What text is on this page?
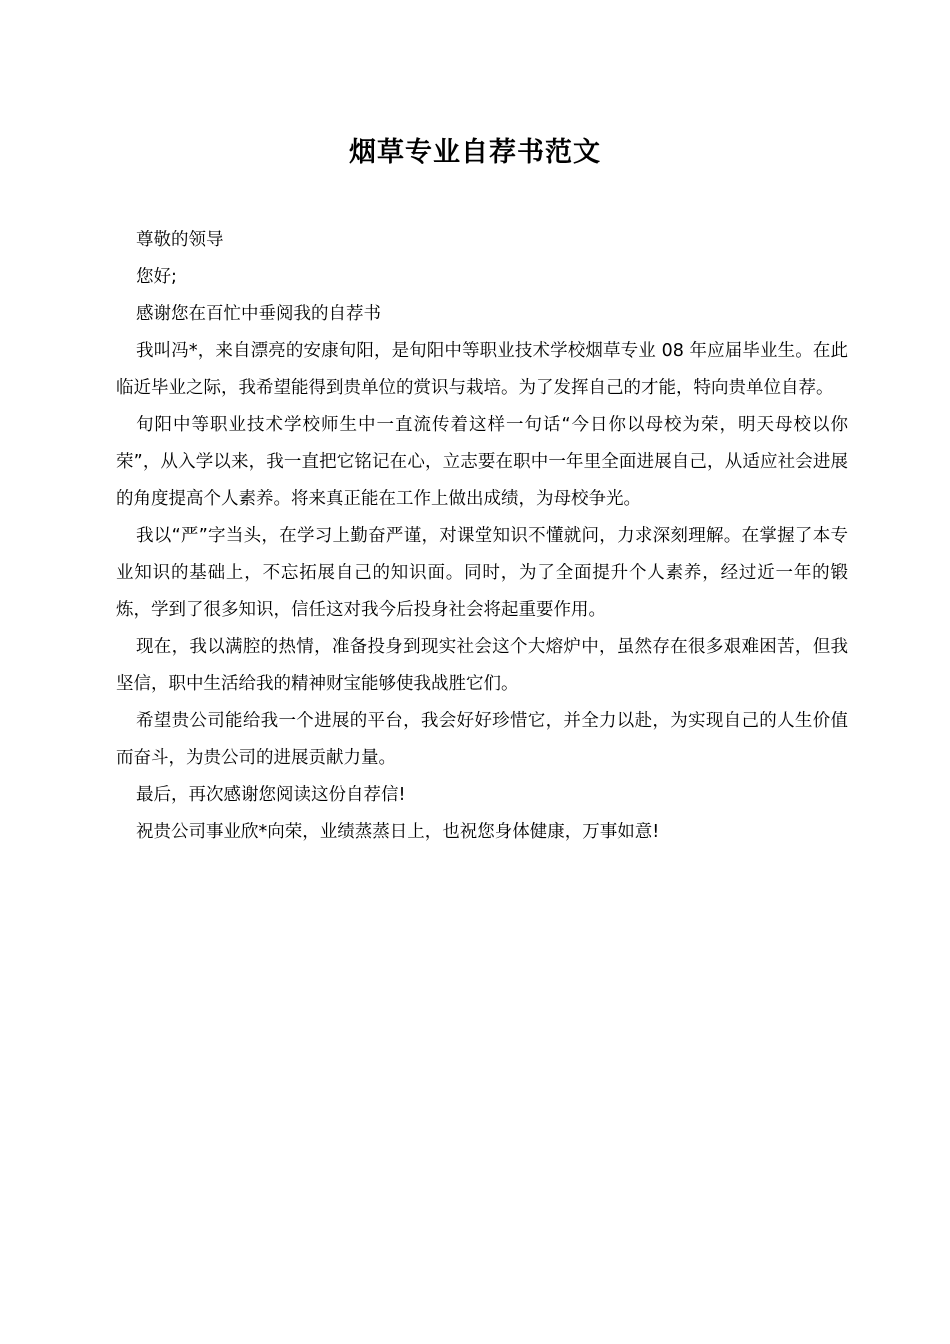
烟草专业自荐书范文

尊敬的领导

您好;

感谢您在百忙中垂阅我的自荐书

我叫冯*，来自漂亮的安康旬阳，是旬阳中等职业技术学校烟草专业 08 年应届毕业生。在此临近毕业之际，我希望能得到贵单位的赏识与栽培。为了发挥自己的才能，特向贵单位自荐。

旬阳中等职业技术学校师生中一直流传着这样一句话“今日你以母校为荣，明天母校以你荣”，从入学以来，我一直把它铭记在心，立志要在职中一年里全面进展自己，从适应社会进展的角度提高个人素养。将来真正能在工作上做出成绩，为母校争光。

我以“严”字当头，在学习上勤奋严谨，对课堂知识不懂就问，力求深刻理解。在掌握了本专业知识的基础上，不忘拓展自己的知识面。同时，为了全面提升个人素养，经过近一年的锻炼，学到了很多知识，信任这对我今后投身社会将起重要作用。

现在，我以满腔的热情，准备投身到现实社会这个大熔炉中，虽然存在很多艰难困苦，但我坚信，职中生活给我的精神财宝能够使我战胜它们。

希望贵公司能给我一个进展的平台，我会好好珍惜它，并全力以赴，为实现自己的人生价值而奋斗，为贵公司的进展贡献力量。

最后，再次感谢您阅读这份自荐信!

祝贵公司事业欣*向荣，业绩蒸蒸日上，也祝您身体健康，万事如意!
